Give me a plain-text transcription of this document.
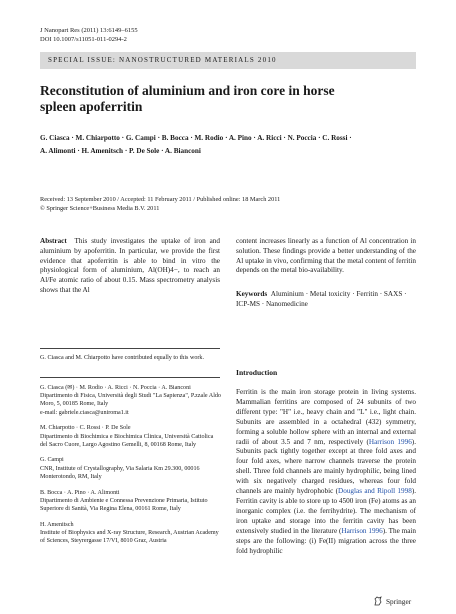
J Nanopart Res (2011) 13:6149–6155
DOI 10.1007/s11051-011-0294-2
SPECIAL ISSUE: NANOSTRUCTURED MATERIALS 2010
Reconstitution of aluminium and iron core in horse spleen apoferritin
G. Ciasca · M. Chiarpotto · G. Campi · B. Bocca · M. Rodio · A. Pino · A. Ricci · N. Poccia · C. Rossi · A. Alimonti · H. Amenitsch · P. De Sole · A. Bianconi
Received: 13 September 2010 / Accepted: 11 February 2011 / Published online: 18 March 2011
© Springer Science+Business Media B.V. 2011
Abstract This study investigates the uptake of iron and aluminium by apoferritin. In particular, we provide the first evidence that apoferritin is able to bind in vitro the physiological form of aluminium, Al(OH)4−, to reach an Al/Fe atomic ratio of about 0.15. Mass spectrometry analysis shows that the Al
content increases linearly as a function of Al concentration in solution. These findings provide a better understanding of the Al uptake in vivo, confirming that the metal content of ferritin depends on the metal bio-availability.
Keywords Aluminium · Metal toxicity · Ferritin · SAXS · ICP-MS · Nanomedicine
G. Ciasca and M. Chiarpotto have contributed equally to this work.

G. Ciasca (✉) · M. Rodio · A. Ricci · N. Poccia · A. Bianconi
Dipartimento di Fisica, Università degli Studi "La Sapienza", P.zzale Aldo Moro, 5, 00185 Rome, Italy
e-mail: gabriele.ciasca@uniroma1.it

M. Chiarpotto · C. Rossi · P. De Sole
Dipartimento di Biochimica e Biochimica Clinica, Università Cattolica del Sacro Cuore, Largo Agostino Gemelli, 8, 00168 Rome, Italy

G. Campi
CNR, Institute of Crystallography, Via Salaria Km 29.300, 00016 Monterotondo, RM, Italy

B. Bocca · A. Pino · A. Alimonti
Dipartimento di Ambiente e Connessa Prevenzione Primaria, Istituto Superiore di Sanità, Via Regina Elena, 00161 Rome, Italy

H. Amenitsch
Institute of Biophysics and X-ray Structure, Research, Austrian Academy of Sciences, Steyrergasse 17/VI, 8010 Graz, Austria

Introduction
Ferritin is the main iron storage protein in living systems. Mammalian ferritins are composed of 24 subunits of two different type: "H" i.e., heavy chain and "L" i.e., light chain. Subunits are assembled in a octahedral (432) symmetry, forming a soluble hollow sphere with an internal and external radii of about 3.5 and 7 nm, respectively (Harrison 1996). Subunits pack tightly together except at three fold axes and four fold axes, where narrow channels traverse the protein shell. Three fold channels are mainly hydrophilic, being lined with six negatively charged residues, whereas four fold channels are mainly hydrophobic (Douglas and Ripoll 1998). Ferritin cavity is able to store up to 4500 iron (Fe) atoms as an inorganic complex (i.e. the ferrihydrite). The mechanism of iron uptake and storage into the ferritin cavity has been extensively studied in the literature (Harrison 1996). The main steps are the following: (i) Fe(II) migration across the three fold hydrophilic
Springer
